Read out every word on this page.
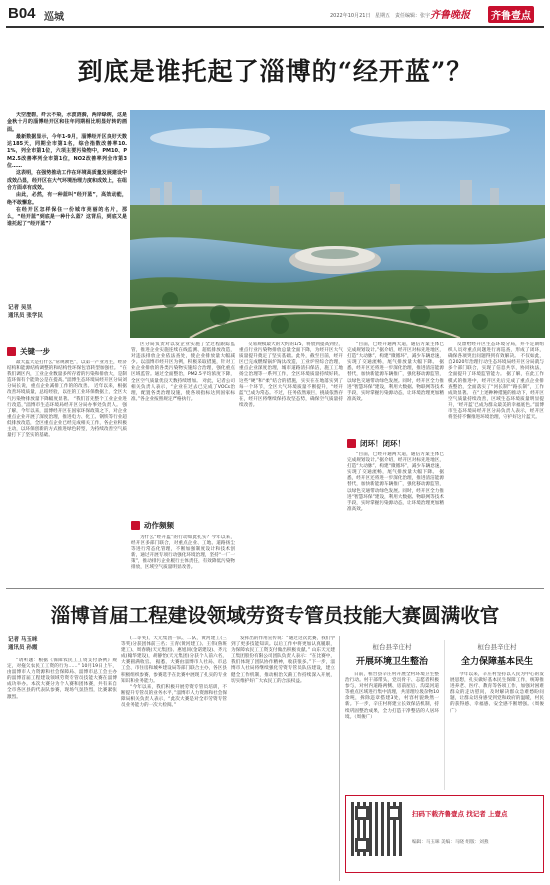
B04 巡城	2022年10月21日 星期五 责任编辑：张宇 齐鲁晚报	齐鲁壹点
到底是谁托起了淄博的“经开蓝”？

天空澄碧，纤云不染，水波涟漪，两岸绿树，这是金秋十月的淄博经开区和往年同期相比明显好转的画面。

最新数据显示，今年1-9月，淄博经开区良好天数达185天，同期全市第1名，综合指数改善率10.1%，列全市第1位，六项主要污染物中，PM10、PM2.5改善率列全市第1位，NO2改善率列全市第3位……

这表明，在强势推动工作在环境高质量发展建设中成效凸显，经开区在大气环境治理力度和成效上，在组合方面卓有成效。

由此，必然，有一种蓝叫“经开蓝”，高效动能，绝不敢懈怠。

在经开区怎样保住一份城市亮丽的名片，那么，“经开蓝”到底是一种什么蓝？这背后，到底又是谁托起了“经开蓝”？

记者 吴昱
通讯员 张学民
关键一步

最大蓝天是打什么”常规教色”，以第一产业为主，经济结构和能源结构调整的和结构性环保包容转型加强社。 “在我们调区内，工业企业数量多所存着的污染和排放大，是制造环保有个能效公是在提高。”淄博生态环境局经开区分局刘分局长说，重点企业减排工作的的改善。 近年以来，根据改善环境质量，总结经验，以往的工业环保数据上，全区大气污染物排放量下降幅度显著。 “我们首先整个工业企业进行改造，”淄博市生态环境局经开区分局办事处负责人。 强了解，今年以来，淄博经开区在国家环保政策之下，对企业重点企业开展了深度治理，推进电力、化工、钢铁等行业超低排放改造，全区重点企业已经完成相关工作，各企业积极主动，以环保创新的方式推进绿色转型，为持续改善空气质量打下了坚实的基础。

区分局负责对以发企业实施了全过程跟踪监管，推进企业实施连续在线监测、超低排放改造，对违法排放企业依法查处，使企业排放量大幅减少。以淄博市经开区为例，积极采取措施，针对工业企业排放的各类污染物实施综合治理，强化重点区域监管。通过全面整治，PM2.5平均浓度下降，全区空气质量优良天数持续增加。 对此，记者公司相关负责人表示，“企业在过去已完成了VOCs治理，配置各类治理设施，使各项指标达到国家标准。”各企业按照规定严格执行。

动作频频

为什么“经开蓝”的行动如此扎实？今年以来，经开区多部门联合，对重点企业、工地、道路扬尘等进行常态化管理，不断加强制度设计和技术创新，通过开展专项行动强化环境治理，坚持“一厂一策”，推动排污企业履行主体责任，有效降低污染物排放，区域空气质量明显改善。

交易规模最大的大约的1/5，将放到提高到位，重点行业污染物排放总量全面下降，为经开区大气质量提升奠定了坚实基础。此外，截至目前，经开区已完成燃煤锅炉淘汰改造，工业炉窑综合治理，重点企业深度治理，城市道路清扫保洁，施工工地扬尘治理等一系列工作，全区环境质量持续好转。 这些“硬”和“柔”结合的措施，实实在在地落实到了每一个环节，全区大气环境质量不断提升，“经开蓝”已成为常态。不过，任务依然艰巨，挑战依然存在，经开区将继续保持攻坚态势，确保空气质量持续改善。

“目前，已经开通两大道，通信方案主体已完成规划设计。”据介绍，经开区对标先进地区，打造“大动脉”、构建“微循环”，减少车辆怠速，实现了交通流畅，尾气排放量大幅下降。 据悉，经开区还将进一步深化治理，推进清洁能源替代，加快新能源车辆推广，强化移动源监管，以绿色交通带动绿色发展。同时，经开区全力推进“智慧环保”建设，利用大数据、物联网等技术手段，实时掌握污染源动态，让环境治理更加精准高效。

闭环！闭环！

“目前，已经开通两大道，通信方案主体已完成规划设计。”据介绍，经开区对标先进地区，打造“大动脉”、构建“微循环”，减少车辆怠速，实现了交通流畅，尾气排放量大幅下降。 据悉，经开区还将进一步深化治理，推进清洁能源替代，加快新能源车辆推广，强化移动源监管，以绿色交通带动绿色发展。同时，经开区全力推进“智慧环保”建设，利用大数据、物联网等技术手段，实时掌握污染源动态，让环境治理更加精准高效。

反馈给经开区生态环境分局，并不定期组织人员对重点问题进行再巡查，形成了闭环，确保各项突出问题得到有效解决。 不仅如此，自2020年治理行动生态环境局经开区分局就与多个部门联合，实现了信息共享，协同执法，全面提升了环境监管能力。 据了解，在此工作模式的推进中，经开区先后完成了重点企业排查整治，全面落实了“河长制”“路长制”，工作成效显著。 在“上述种种措施的推动下，经开区空气质量持续改善，区域生态环境质量明显提升，‘经开蓝’已成为群众最美的幸福底色。”淄博市生态环境局经开区分局负责人表示，经开区将坚持不懈推进环境治理，守护好这片蓝天。

淄博首届工程建设领域劳资专管员技能大赛圆满收官
记者 马玉咪
通讯员 孙霞

“请听题：根据《保障农民工工资支付条例》规定，对拖欠农民工工资的行为……” 10月19日上午，由淄博市人力资源和社会保障局、淄博市总工会主办的淄博首届工程建设领域劳资专管员技能大赛在淄博成功举办。本次大赛分为个人赛和团体赛，共有来自全市各区县的代表队参赛，现场气氛热烈，比赛紧张激烈。

(二等奖)，天元集团一队、二队，黄河建工(三等奖)分获团体前三名；王青(黄河建工)、王伟(鲁班建工)、周春晓(天元集团)、惠旭同(金诺建设)、齐元成(翰华建设)，胡静怡(天元集团)分获个人前六名，大赛圆满收官。 据悉，大赛由淄博市人社局、市总工会、市住房和城乡建设局等部门联合主办，各区县积极组织参赛，参赛选手在比赛中展现了扎实的专业知识和业务能力。

“今年以来，我们积极开展劳资专管员培训，不断提升专管员的业务水平，”淄博市人力资源和社会保障局相关负责人表示，“此次大赛是对全市劳资专管员业务能力的一次大检阅。”

发挥出的作用宣传说：“通过这次比赛，我们学到了更多技能知识。以后工作中将更加认真履职，为保障农民工工资支付做出积极贡献。” 山东天元建工集团股份有限公司团队负责人表示：“在比赛中，我们体现了团队协作精神，收获很多。”下一步，淄博市人社局将继续强化劳资专管员队伍建设，建立健全工作机制，推动根治欠薪工作持续深入开展，切实维护好广大农民工的合法权益。

桓台县辛庄村
开展环境卫生整治

日前，桓台县辛庄村开展全村环境卫生整治行动。村干部带头，党员骨干、志愿者积极参与，对村内道路两侧、房前屋后、沟渠河道等重点区域进行集中清理，共清理垃圾杂物10余吨，拆除违章搭建3处，村容村貌焕然一新。下一步，辛庄村将建立长效保洁机制，持续巩固整治成果，全力打造干净整洁的人居环境。（周俊广）

桓台县辛庄村
全力保障基本民生

今年以来，辛庄村坚持以人民为中心的发展思想，扎实做好基本民生保障工作，统筹推进养老、医疗、教育等各项工作，加强对困难群众的走访慰问，及时解决群众急难愁盼问题，让群众切身感受到党和政府的温暖，村民的获得感、幸福感、安全感不断增强。（周俊广）

扫码下载齐鲁壹点 找记者 上壹点
编辑：马玉咪 美编：马晓 组版：刘燕
